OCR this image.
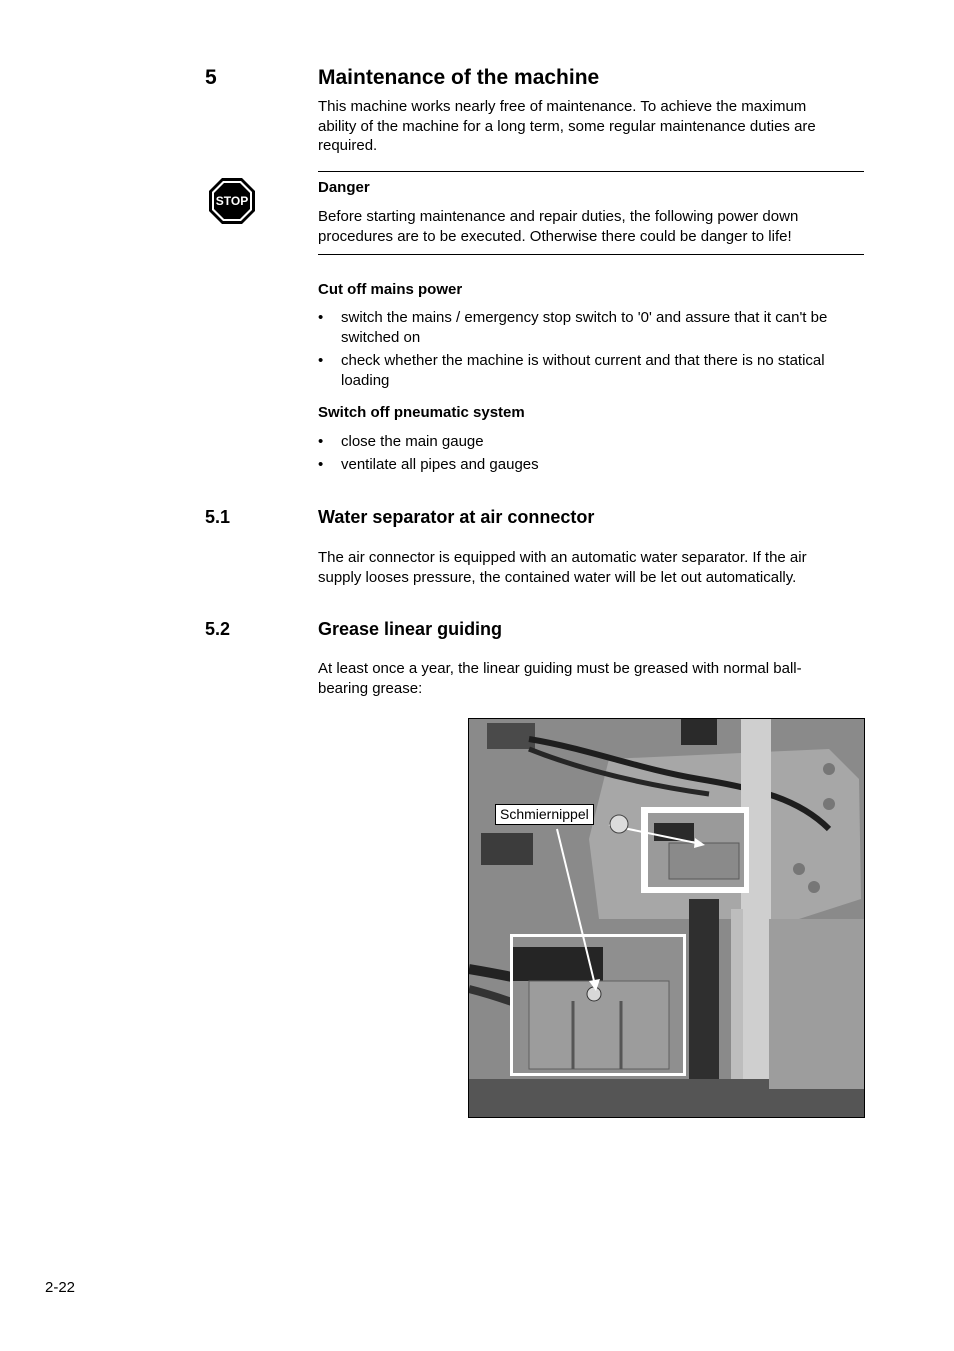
5	Maintenance of the machine
This machine works nearly free of maintenance. To achieve the maximum
ability of the machine for a long term, some regular maintenance duties are
required.
STOP
Danger
Before starting maintenance and repair duties, the following power down
procedures are to be executed. Otherwise there could be danger to life!
Cut off mains power
•	switch the mains / emergency stop switch to '0' and assure that it can't be
switched on
•	check whether the machine is without current and that there is no statical
loading
Switch off pneumatic system
•	close the main gauge
•	ventilate all pipes and gauges
5.1	Water separator at air connector
The air connector is equipped with an automatic water separator. If the air
supply looses pressure, the contained water will be let out automatically.
5.2	Grease linear guiding
At least once a year, the linear guiding must be greased with normal ball-
bearing grease:
Schmiernippel
2-22
